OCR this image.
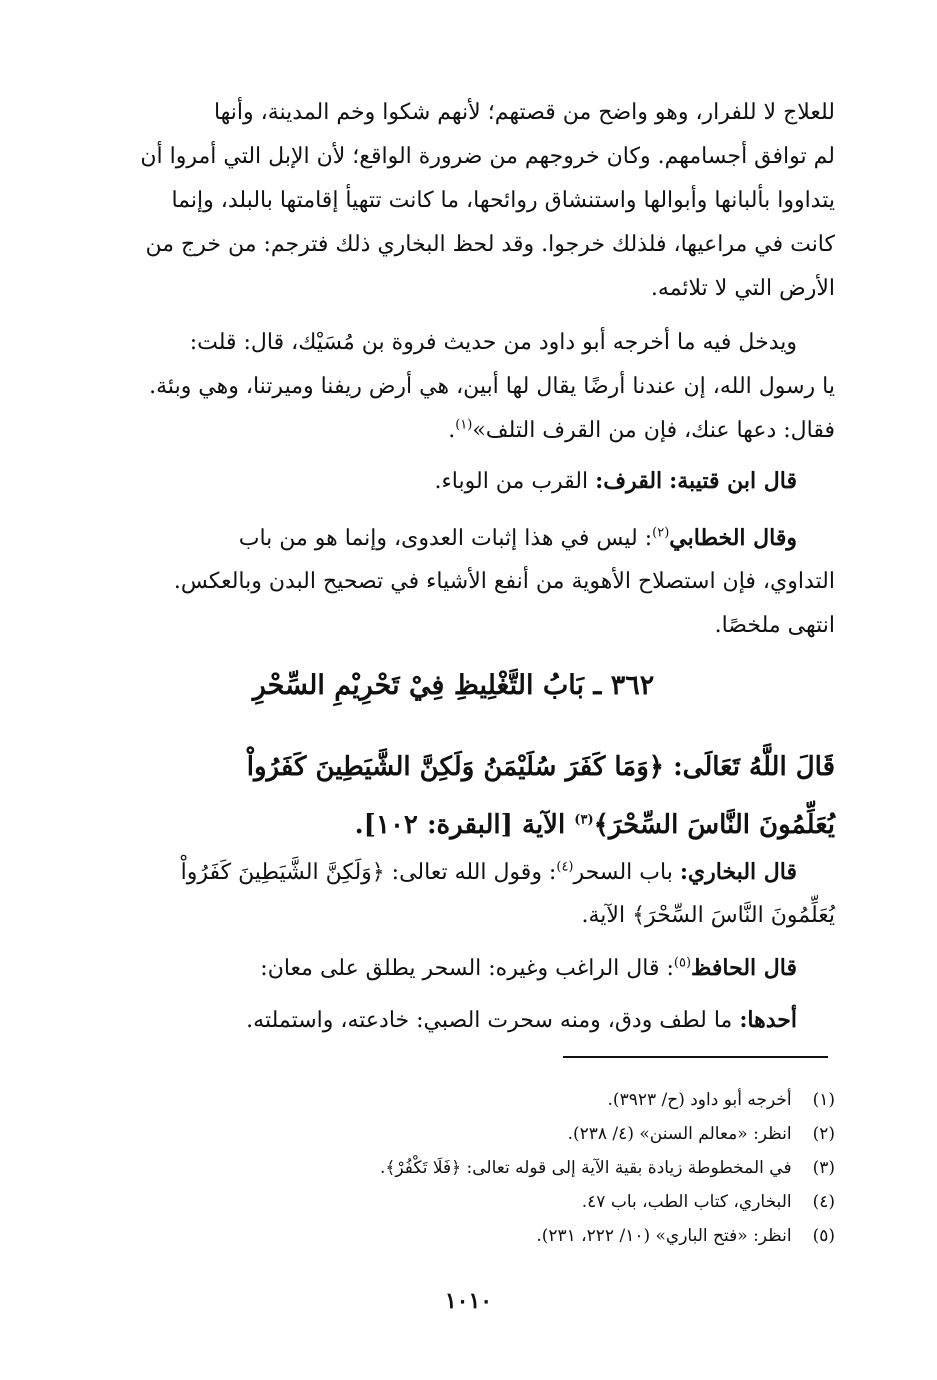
للعلاج لا للفرار، وهو واضح من قصتهم؛ لأنهم شكوا وخم المدينة، وأنها
لم توافق أجسامهم. وكان خروجهم من ضرورة الواقع؛ لأن الإبل التي أمروا أن
يتداووا بألبانها وأبوالها واستنشاق روائحها، ما كانت تتهيأ إقامتها بالبلد، وإنما
كانت في مراعيها، فلذلك خرجوا. وقد لحظ البخاري ذلك فترجم: من خرج من
الأرض التي لا تلائمه.
ويدخل فيه ما أخرجه أبو داود من حديث فروة بن مُسَيْك، قال: قلت:
يا رسول الله، إن عندنا أرضًا يقال لها أبين، هي أرض ريفنا وميرتنا، وهي وبئة.
فقال: دعها عنك، فإن من القرف التلف»$^{(١)}$.
قال ابن قتيبة: القرف: القرب من الوباء.
وقال الخطابي$^{(٢)}$: ليس في هذا إثبات العدوى، وإنما هو من باب
التداوي، فإن استصلاح الأهوية من أنفع الأشياء في تصحيح البدن وبالعكس.
انتهى ملخصًا.
٣٦٢ ـ بَابُ التَّغْلِيظِ فِيْ تَحْرِيْمِ السِّحْرِ
قَالَ اللَّهُ تَعَالَى: ﴿وَمَا كَفَرَ سُلَيْمَنُ وَلَكِنَّ الشَّيَطِينَ كَفَرُواْ
يُعَلِّمُونَ النَّاسَ السِّحْرَ﴾$^{(٣)}$ الآية [البقرة: ١٠٢].
قال البخاري: باب السحر$^{(٤)}$: وقول الله تعالى: ﴿وَلَكِنَّ الشَّيَطِينَ كَفَرُواْ
يُعَلِّمُونَ النَّاسَ السِّحْرَ﴾ الآية.
قال الحافظ$^{(٥)}$: قال الراغب وغيره: السحر يطلق على معان:
أحدها: ما لطف ودق، ومنه سحرت الصبي: خادعته، واستملته.
(١) أخرجه أبو داود (ح/ ٣٩٢٣).
(٢) انظر: «معالم السنن» (٤/ ٢٣٨).
(٣) في المخطوطة زيادة بقية الآية إلى قوله تعالى: ﴿فَلَا تَكْفُرْ﴾.
(٤) البخاري، كتاب الطب، باب ٤٧.
(٥) انظر: «فتح الباري» (١٠/ ٢٢٢، ٢٣١).
١٠١٠
